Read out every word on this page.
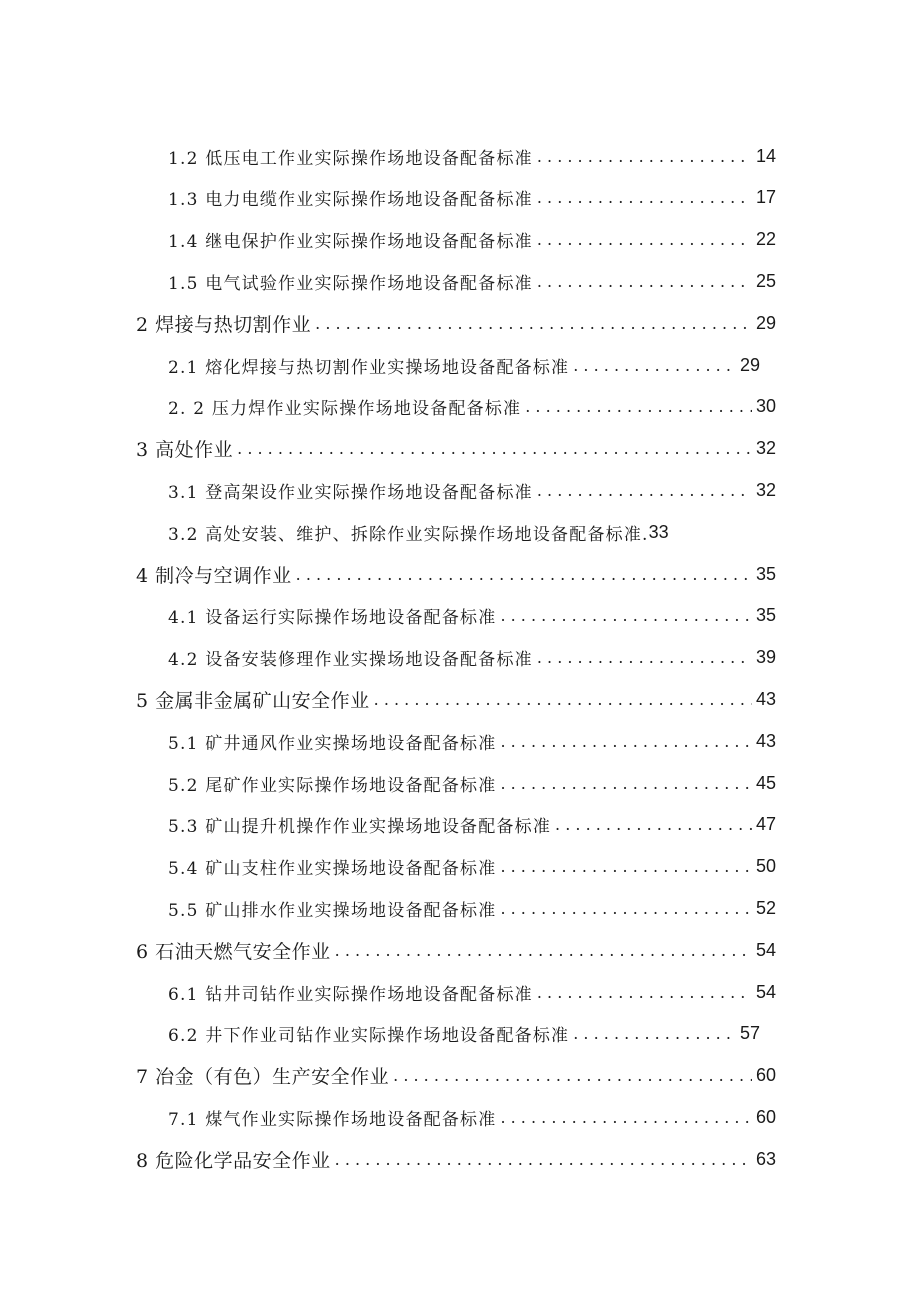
1.2 低压电工作业实际操作场地设备配备标准 . . .	14
1.3 电力电缆作业实际操作场地设备配备标准 . . .	17
1.4 继电保护作业实际操作场地设备配备标准 . . .	22
1.5 电气试验作业实际操作场地设备配备标准 . . .	25
2 焊接与热切割作业 . . .	29
2.1 熔化焊接与热切割作业实操场地设备配备标准 . . .	29
2. 2 压力焊作业实际操作场地设备配备标准 . . .	30
3 高处作业 . . .	32
3.1 登高架设作业实际操作场地设备配备标准 . . .	32
3.2 高处安装、维护、拆除作业实际操作场地设备配备标准. 33
4 制冷与空调作业 . . .	35
4.1 设备运行实际操作场地设备配备标准 . . .	35
4.2 设备安装修理作业实操场地设备配备标准 . . .	39
5 金属非金属矿山安全作业 . . .	43
5.1 矿井通风作业实操场地设备配备标准 . . .	43
5.2 尾矿作业实际操作场地设备配备标准 . . .	45
5.3 矿山提升机操作作业实操场地设备配备标准 . . .	47
5.4 矿山支柱作业实操场地设备配备标准 . . .	50
5.5 矿山排水作业实操场地设备配备标准 . . .	52
6 石油天燃气安全作业 . . .	54
6.1 钻井司钻作业实际操作场地设备配备标准 . . .	54
6.2 井下作业司钻作业实际操作场地设备配备标准 . . .	57
7 冶金（有色）生产安全作业 . . .	60
7.1 煤气作业实际操作场地设备配备标准 . . .	60
8 危险化学品安全作业 . . .	63
